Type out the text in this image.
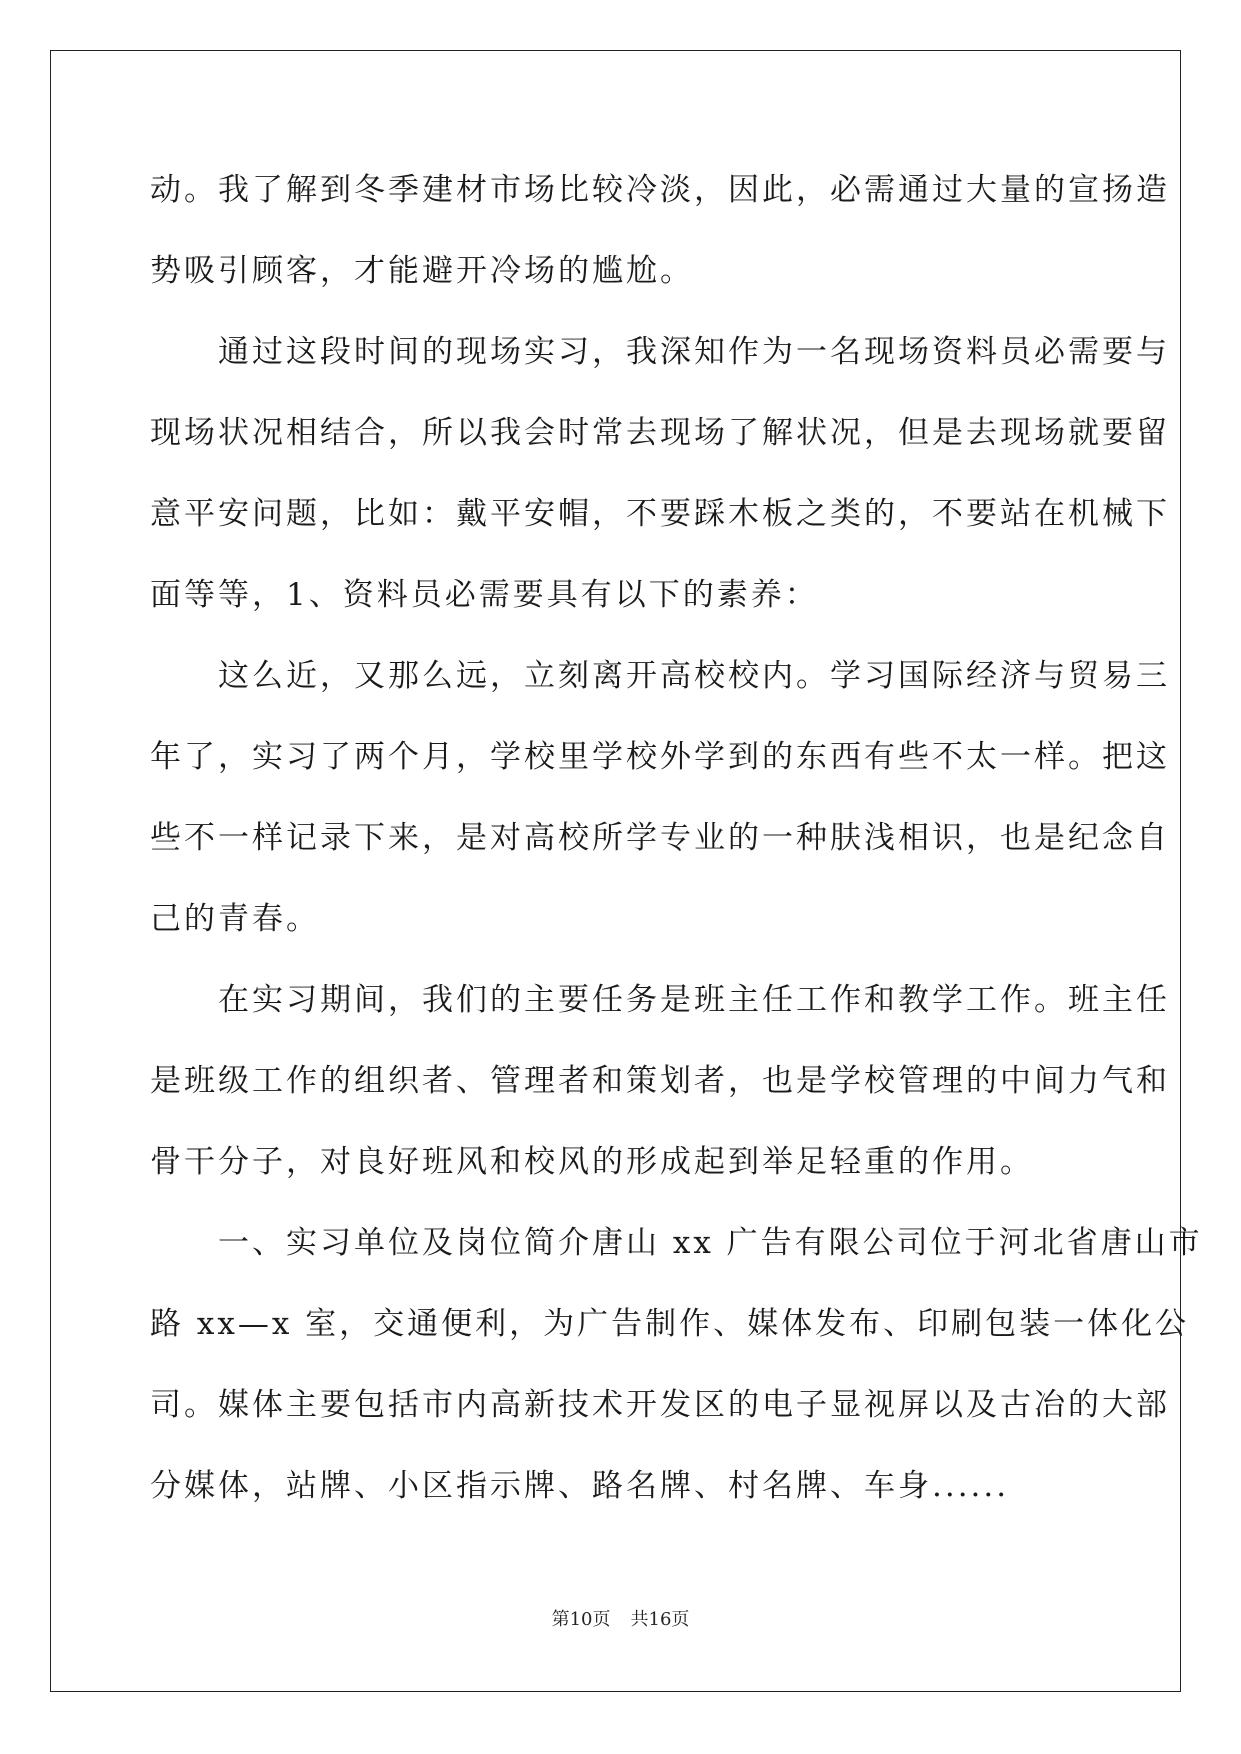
动。我了解到冬季建材市场比较冷淡，因此，必需通过大量的宣扬造
势吸引顾客，才能避开冷场的尴尬。
　　通过这段时间的现场实习，我深知作为一名现场资料员必需要与
现场状况相结合，所以我会时常去现场了解状况，但是去现场就要留
意平安问题，比如：戴平安帽，不要踩木板之类的，不要站在机械下
面等等，1、资料员必需要具有以下的素养：
　　这么近，又那么远，立刻离开高校校内。学习国际经济与贸易三
年了，实习了两个月，学校里学校外学到的东西有些不太一样。把这
些不一样记录下来，是对高校所学专业的一种肤浅相识，也是纪念自
己的青春。
　　在实习期间，我们的主要任务是班主任工作和教学工作。班主任
是班级工作的组织者、管理者和策划者，也是学校管理的中间力气和
骨干分子，对良好班风和校风的形成起到举足轻重的作用。
　　一、实习单位及岗位简介唐山 xx 广告有限公司位于河北省唐山市
路 xx—x 室，交通便利，为广告制作、媒体发布、印刷包装一体化公
司。媒体主要包括市内高新技术开发区的电子显视屏以及古冶的大部
分媒体，站牌、小区指示牌、路名牌、村名牌、车身......
第10页 共16页
